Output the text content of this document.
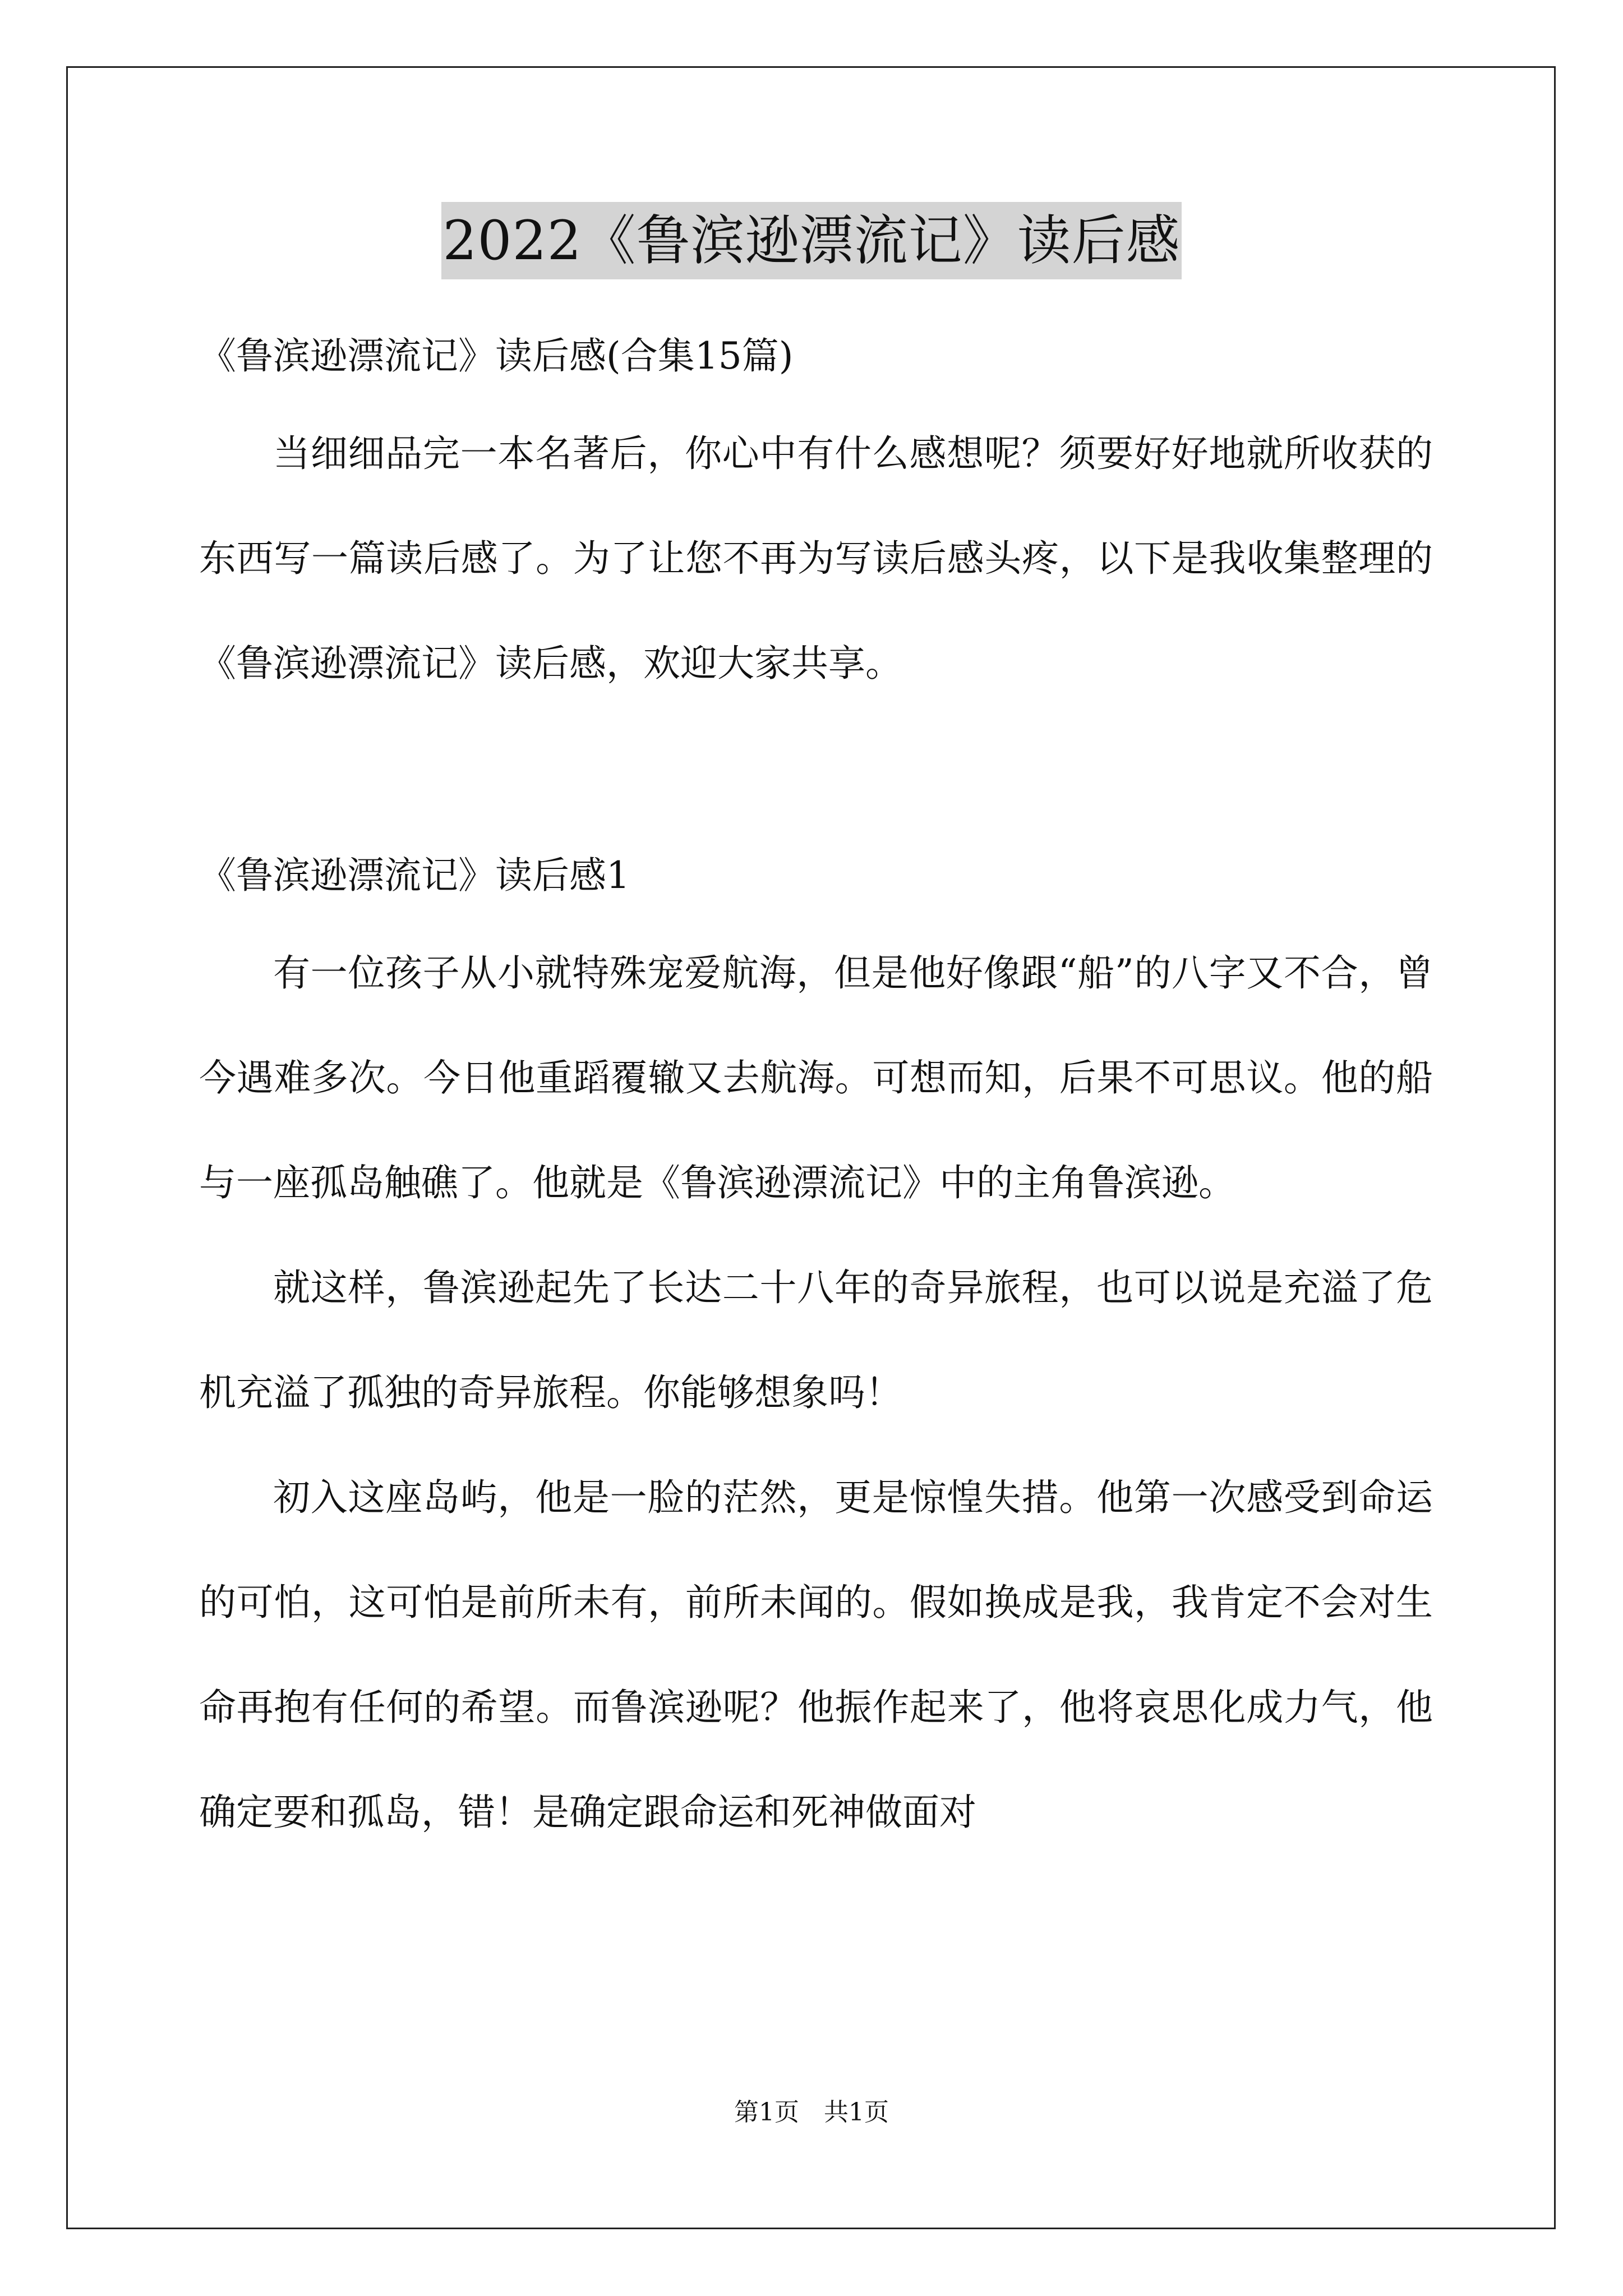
2022《鲁滨逊漂流记》读后感
《鲁滨逊漂流记》读后感(合集15篇)
当细细品完一本名著后，你心中有什么感想呢？须要好好地就所收获的东西写一篇读后感了。为了让您不再为写读后感头疼，以下是我收集整理的《鲁滨逊漂流记》读后感，欢迎大家共享。
《鲁滨逊漂流记》读后感1
有一位孩子从小就特殊宠爱航海，但是他好像跟“船”的八字又不合，曾今遇难多次。今日他重蹈覆辙又去航海。可想而知，后果不可思议。他的船与一座孤岛触礁了。他就是《鲁滨逊漂流记》中的主角鲁滨逊。
就这样，鲁滨逊起先了长达二十八年的奇异旅程，也可以说是充溢了危机充溢了孤独的奇异旅程。你能够想象吗！
初入这座岛屿，他是一脸的茫然，更是惊惶失措。他第一次感受到命运的可怕，这可怕是前所未有，前所未闻的。假如换成是我，我肯定不会对生命再抱有任何的希望。而鲁滨逊呢？他振作起来了，他将哀思化成力气，他确定要和孤岛，错！是确定跟命运和死神做面对
第1页　共1页
